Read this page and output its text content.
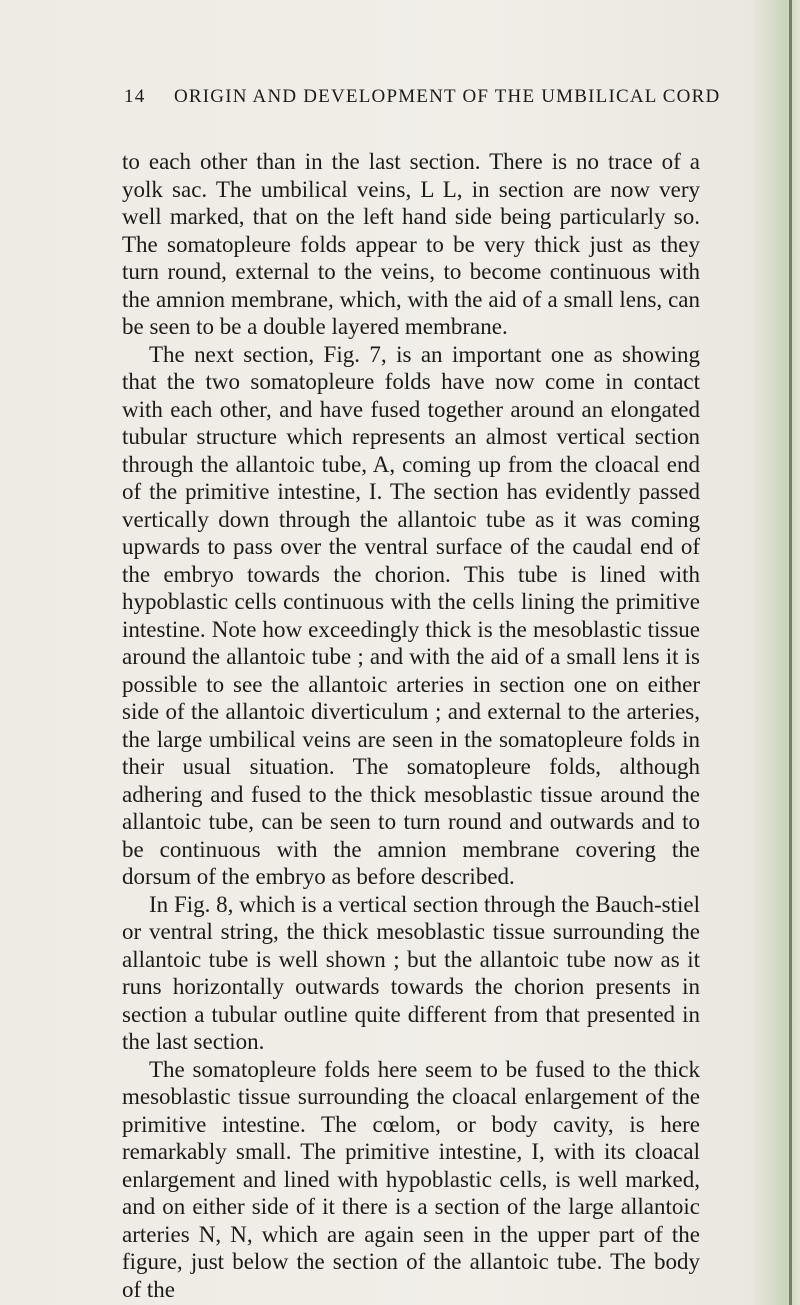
14 ORIGIN AND DEVELOPMENT OF THE UMBILICAL CORD

to each other than in the last section. There is no trace of a yolk sac. The umbilical veins, L L, in section are now very well marked, that on the left hand side being particularly so. The somatopleure folds appear to be very thick just as they turn round, external to the veins, to become continuous with the amnion membrane, which, with the aid of a small lens, can be seen to be a double layered membrane.

The next section, Fig. 7, is an important one as showing that the two somatopleure folds have now come in contact with each other, and have fused together around an elongated tubular structure which represents an almost vertical section through the allantoic tube, A, coming up from the cloacal end of the primitive intestine, I. The section has evidently passed vertically down through the allantoic tube as it was coming upwards to pass over the ventral surface of the caudal end of the embryo towards the chorion. This tube is lined with hypoblastic cells continuous with the cells lining the primitive intestine. Note how exceedingly thick is the mesoblastic tissue around the allantoic tube ; and with the aid of a small lens it is possible to see the allantoic arteries in section one on either side of the allantoic diverticulum ; and external to the arteries, the large umbilical veins are seen in the somatopleure folds in their usual situation. The somatopleure folds, although adhering and fused to the thick mesoblastic tissue around the allantoic tube, can be seen to turn round and outwards and to be continuous with the amnion membrane covering the dorsum of the embryo as before described.

In Fig. 8, which is a vertical section through the Bauch-stiel or ventral string, the thick mesoblastic tissue surrounding the allantoic tube is well shown ; but the allantoic tube now as it runs horizontally outwards towards the chorion presents in section a tubular outline quite different from that presented in the last section.

The somatopleure folds here seem to be fused to the thick mesoblastic tissue surrounding the cloacal enlargement of the primitive intestine. The cœlom, or body cavity, is here remarkably small. The primitive intestine, I, with its cloacal enlargement and lined with hypoblastic cells, is well marked, and on either side of it there is a section of the large allantoic arteries N, N, which are again seen in the upper part of the figure, just below the section of the allantoic tube. The body of the
